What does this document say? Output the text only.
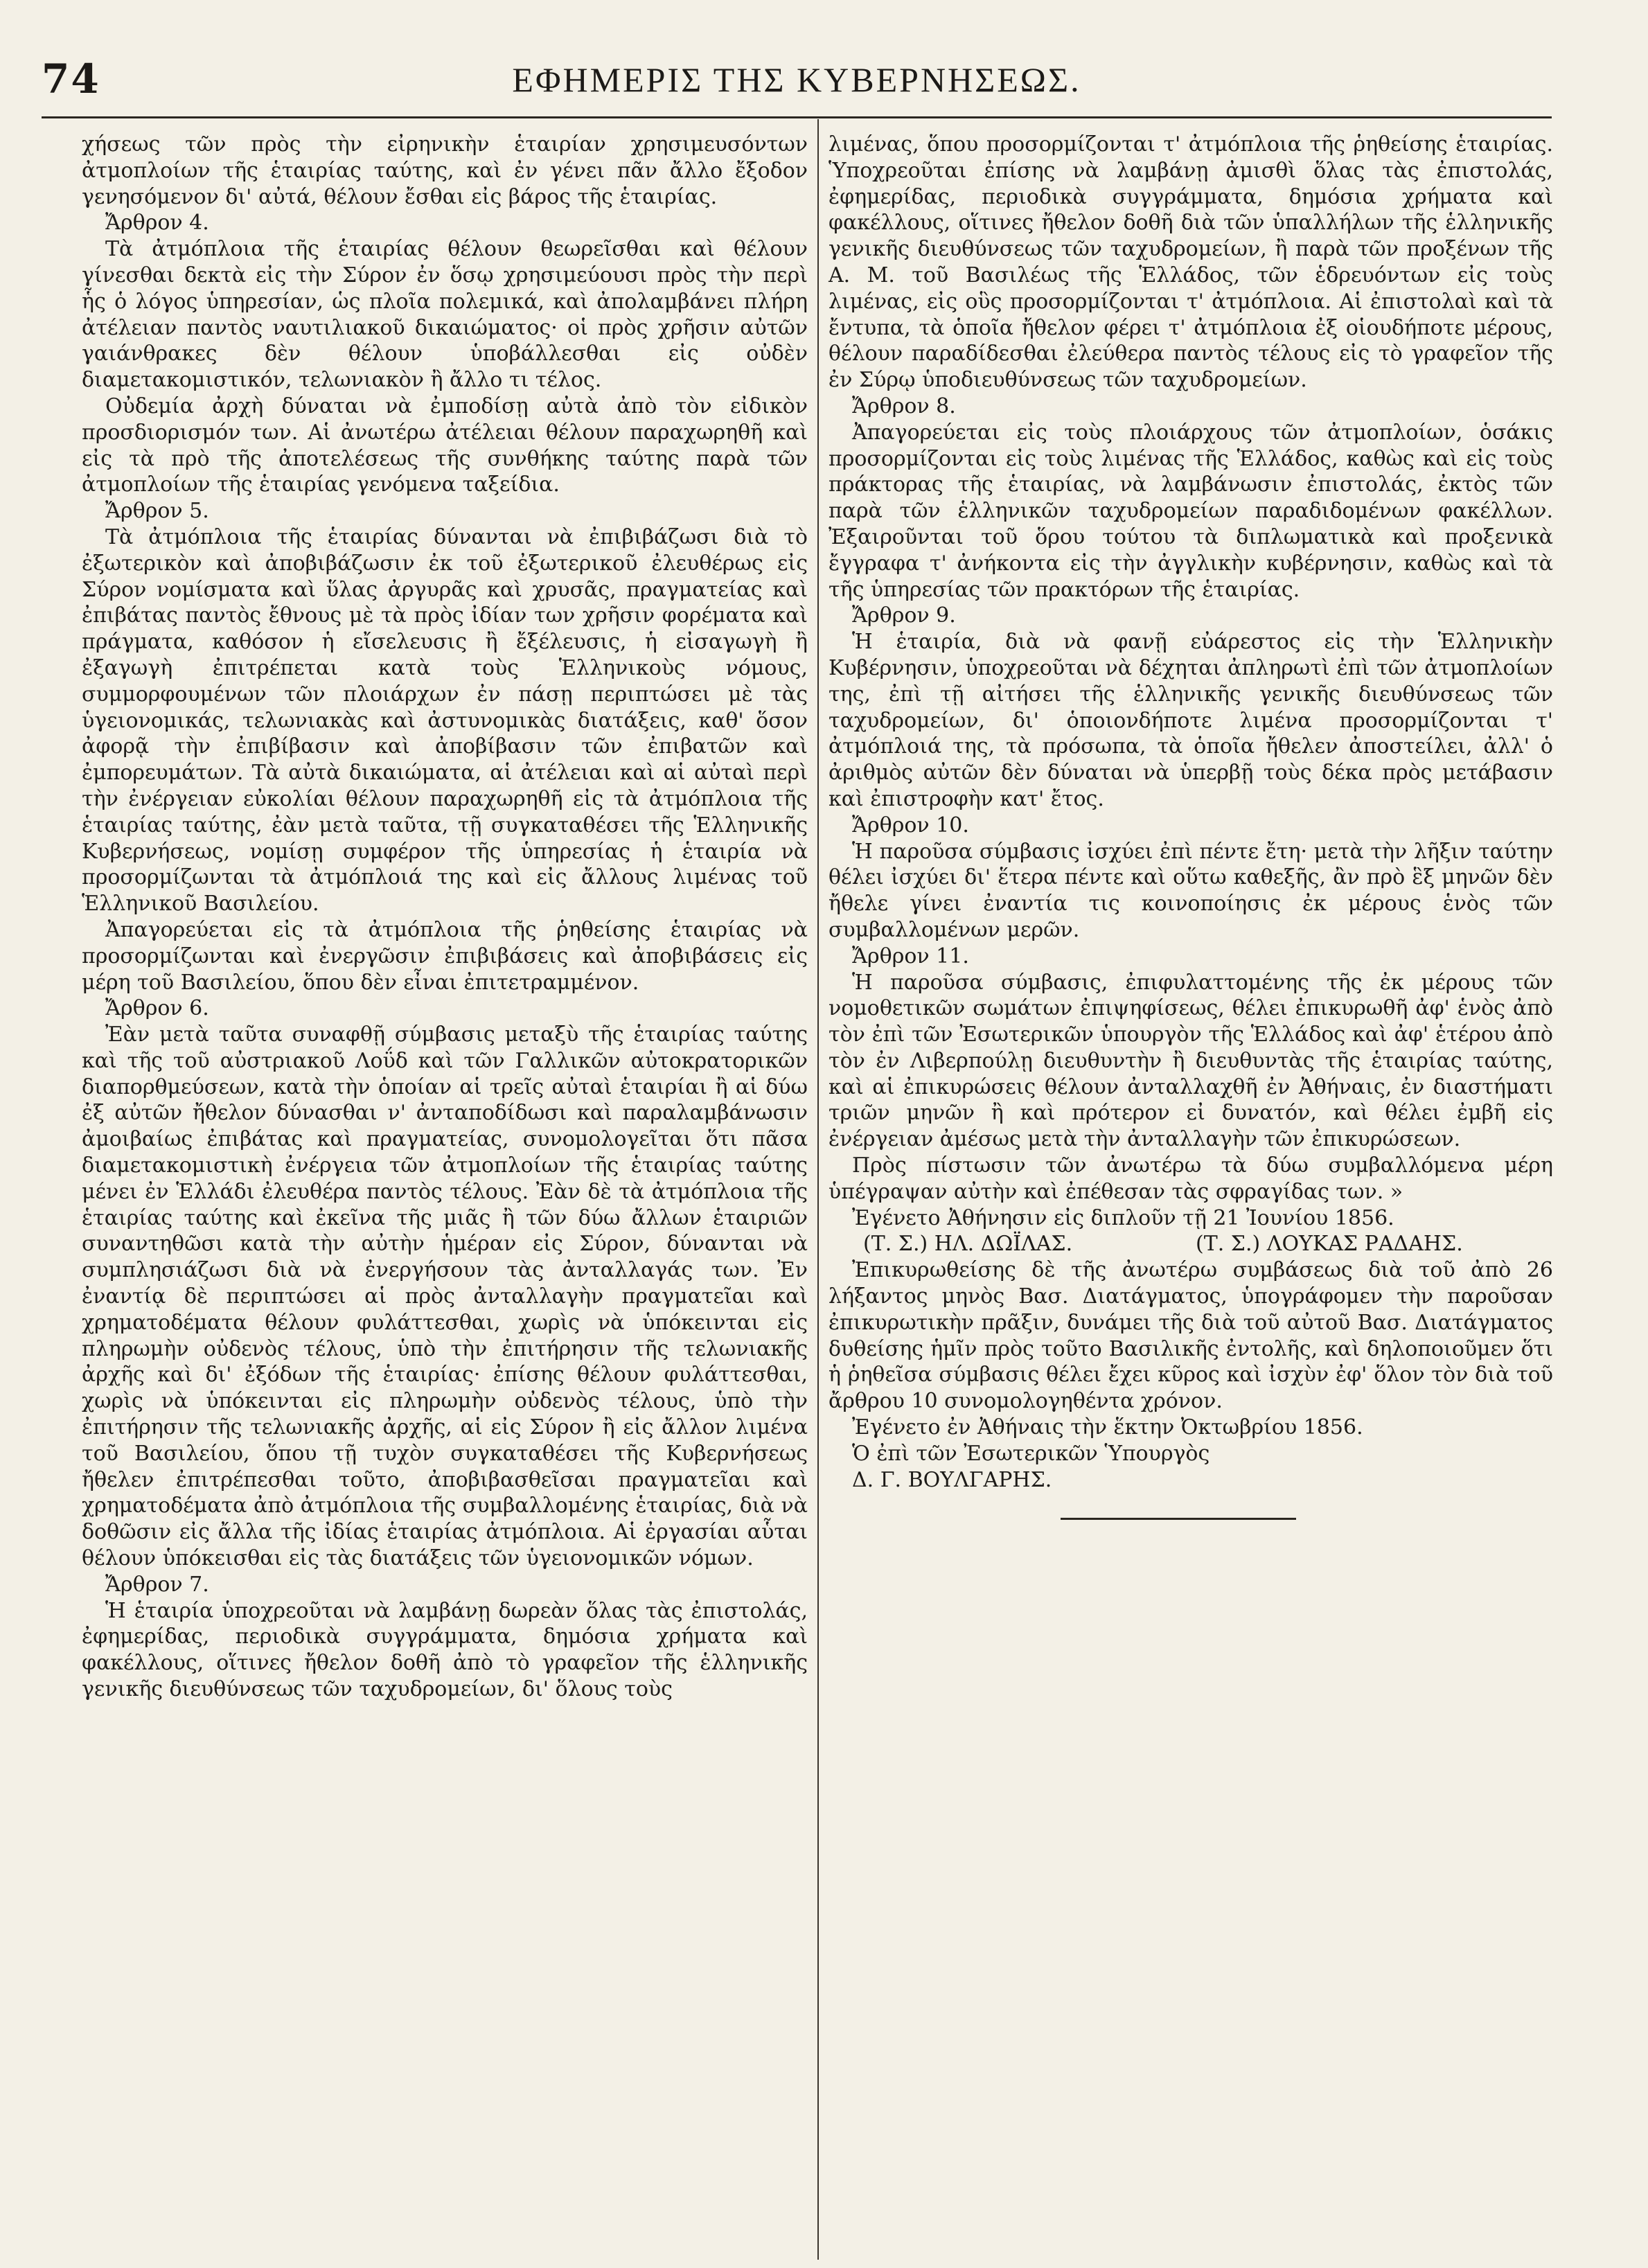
74	ΕΦΗΜΕΡΙΣ ΤΗΣ ΚΥΒΕΡΝΗΣΕΩΣ.

χήσεως τῶν πρὸς τὴν εἰρηνικὴν ἑταιρίαν χρησιμευσόντων ἀτμοπλοίων τῆς ἑταιρίας ταύτης, καὶ ἐν γένει πᾶν ἄλλο ἔξοδον γενησόμενον δι' αὐτά, θέλουν ἔσθαι εἰς βάρος τῆς ἑταιρίας.

Ἄρθρον 4.

Τὰ ἀτμόπλοια τῆς ἑταιρίας θέλουν θεωρεῖσθαι καὶ θέλουν γίνεσθαι δεκτὰ εἰς τὴν Σύρον ἐν ὅσῳ χρησιμεύουσι πρὸς τὴν περὶ ἧς ὁ λόγος ὑπηρεσίαν, ὡς πλοῖα πολεμικά, καὶ ἀπολαμβάνει πλήρη ἀτέλειαν παντὸς ναυτιλιακοῦ δικαιώματος· οἱ πρὸς χρῆσιν αὐτῶν γαιάνθρακες δὲν θέλουν ὑποβάλλεσθαι εἰς οὐδὲν διαμετακομιστικόν, τελωνιακὸν ἢ ἄλλο τι τέλος.

Οὐδεμία ἀρχὴ δύναται νὰ ἐμποδίσῃ αὐτὰ ἀπὸ τὸν εἰδικὸν προσδιορισμόν των. Αἱ ἀνωτέρω ἀτέλειαι θέλουν παραχωρηθῆ καὶ εἰς τὰ πρὸ τῆς ἀποτελέσεως τῆς συνθήκης ταύτης παρὰ τῶν ἀτμοπλοίων τῆς ἑταιρίας γενόμενα ταξείδια.

Ἄρθρον 5.

Τὰ ἀτμόπλοια τῆς ἑταιρίας δύνανται νὰ ἐπιβιβάζωσι διὰ τὸ ἐξωτερικὸν καὶ ἀποβιβάζωσιν ἐκ τοῦ ἐξωτερικοῦ ἐλευθέρως εἰς Σύρον νομίσματα καὶ ὕλας ἀργυρᾶς καὶ χρυσᾶς, πραγματείας καὶ ἐπιβάτας παντὸς ἔθνους μὲ τὰ πρὸς ἰδίαν των χρῆσιν φορέματα καὶ πράγματα, καθόσον ἡ εἴσελευσις ἢ ἔξέλευσις, ἡ εἰσαγωγὴ ἢ ἐξαγωγὴ ἐπιτρέπεται κατὰ τοὺς Ἑλληνικοὺς νόμους, συμμορφουμένων τῶν πλοιάρχων ἐν πάσῃ περιπτώσει μὲ τὰς ὑγειονομικάς, τελωνιακὰς καὶ ἀστυνομικὰς διατάξεις, καθ' ὅσον ἀφορᾷ τὴν ἐπιβίβασιν καὶ ἀποβίβασιν τῶν ἐπιβατῶν καὶ ἐμπορευμάτων. Τὰ αὐτὰ δικαιώματα, αἱ ἀτέλειαι καὶ αἱ αὐταὶ περὶ τὴν ἐνέργειαν εὐκολίαι θέλουν παραχωρηθῆ εἰς τὰ ἀτμόπλοια τῆς ἑταιρίας ταύτης, ἐὰν μετὰ ταῦτα, τῇ συγκαταθέσει τῆς Ἑλληνικῆς Κυβερνήσεως, νομίσῃ συμφέρον τῆς ὑπηρεσίας ἡ ἑταιρία νὰ προσορμίζωνται τὰ ἀτμόπλοιά της καὶ εἰς ἄλλους λιμένας τοῦ Ἑλληνικοῦ Βασιλείου.

Ἀπαγορεύεται εἰς τὰ ἀτμόπλοια τῆς ῥηθείσης ἑταιρίας νὰ προσορμίζωνται καὶ ἐνεργῶσιν ἐπιβιβάσεις καὶ ἀποβιβάσεις εἰς μέρη τοῦ Βασιλείου, ὅπου δὲν εἶναι ἐπιτετραμμένον.

Ἄρθρον 6.

Ἐὰν μετὰ ταῦτα συναφθῇ σύμβασις μεταξὺ τῆς ἑταιρίας ταύτης καὶ τῆς τοῦ αὐστριακοῦ Λοΰδ καὶ τῶν Γαλλικῶν αὐτοκρατορικῶν διαπορθμεύσεων, κατὰ τὴν ὁποίαν αἱ τρεῖς αὐταὶ ἑταιρίαι ἢ αἱ δύω ἐξ αὐτῶν ἤθελον δύνασθαι ν' ἀνταποδίδωσι καὶ παραλαμβάνωσιν ἀμοιβαίως ἐπιβάτας καὶ πραγματείας, συνομολογεῖται ὅτι πᾶσα διαμετακομιστικὴ ἐνέργεια τῶν ἀτμοπλοίων τῆς ἑταιρίας ταύτης μένει ἐν Ἑλλάδι ἐλευθέρα παντὸς τέλους. Ἐὰν δὲ τὰ ἀτμόπλοια τῆς ἑταιρίας ταύτης καὶ ἐκεῖνα τῆς μιᾶς ἢ τῶν δύω ἄλλων ἑταιριῶν συναντηθῶσι κατὰ τὴν αὐτὴν ἡμέραν εἰς Σύρον, δύνανται νὰ συμπλησιάζωσι διὰ νὰ ἐνεργήσουν τὰς ἀνταλλαγάς των. Ἐν ἐναντίᾳ δὲ περιπτώσει αἱ πρὸς ἀνταλλαγὴν πραγματεῖαι καὶ χρηματοδέματα θέλουν φυλάττεσθαι, χωρὶς νὰ ὑπόκεινται εἰς πληρωμὴν οὐδενὸς τέλους, ὑπὸ τὴν ἐπιτήρησιν τῆς τελωνιακῆς ἀρχῆς καὶ δι' ἐξόδων τῆς ἑταιρίας· ἐπίσης θέλουν φυλάττεσθαι, χωρὶς νὰ ὑπόκεινται εἰς πληρωμὴν οὐδενὸς τέλους, ὑπὸ τὴν ἐπιτήρησιν τῆς τελωνιακῆς ἀρχῆς, αἱ εἰς Σύρον ἢ εἰς ἄλλον λιμένα τοῦ Βασιλείου, ὅπου τῇ τυχὸν συγκαταθέσει τῆς Κυβερνήσεως ἤθελεν ἐπιτρέπεσθαι τοῦτο, ἀποβιβασθεῖσαι πραγματεῖαι καὶ χρηματοδέματα ἀπὸ ἀτμόπλοια τῆς συμβαλλομένης ἑταιρίας, διὰ νὰ δοθῶσιν εἰς ἄλλα τῆς ἰδίας ἑταιρίας ἀτμόπλοια. Αἱ ἐργασίαι αὗται θέλουν ὑπόκεισθαι εἰς τὰς διατάξεις τῶν ὑγειονομικῶν νόμων.

Ἄρθρον 7.

Ἡ ἑταιρία ὑποχρεοῦται νὰ λαμβάνῃ δωρεὰν ὅλας τὰς ἐπιστολάς, ἐφημερίδας, περιοδικὰ συγγράμματα, δημόσια χρήματα καὶ φακέλλους, οἵτινες ἤθελον δοθῆ ἀπὸ τὸ γραφεῖον τῆς ἑλληνικῆς γενικῆς διευθύνσεως τῶν ταχυδρομείων, δι' ὅλους τοὺς

λιμένας, ὅπου προσορμίζονται τ' ἀτμόπλοια τῆς ῥηθείσης ἑταιρίας. Ὑποχρεοῦται ἐπίσης νὰ λαμβάνῃ ἀμισθὶ ὅλας τὰς ἐπιστολάς, ἐφημερίδας, περιοδικὰ συγγράμματα, δημόσια χρήματα καὶ φακέλλους, οἵτινες ἤθελον δοθῆ διὰ τῶν ὑπαλλήλων τῆς ἑλληνικῆς γενικῆς διευθύνσεως τῶν ταχυδρομείων, ἢ παρὰ τῶν προξένων τῆς Α. Μ. τοῦ Βασιλέως τῆς Ἑλλάδος, τῶν ἑδρευόντων εἰς τοὺς λιμένας, εἰς οὓς προσορμίζονται τ' ἀτμόπλοια. Αἱ ἐπιστολαὶ καὶ τὰ ἔντυπα, τὰ ὁποῖα ἤθελον φέρει τ' ἀτμόπλοια ἐξ οἱουδήποτε μέρους, θέλουν παραδίδεσθαι ἐλεύθερα παντὸς τέλους εἰς τὸ γραφεῖον τῆς ἐν Σύρῳ ὑποδιευθύνσεως τῶν ταχυδρομείων.

Ἄρθρον 8.

Ἀπαγορεύεται εἰς τοὺς πλοιάρχους τῶν ἀτμοπλοίων, ὁσάκις προσορμίζονται εἰς τοὺς λιμένας τῆς Ἑλλάδος, καθὼς καὶ εἰς τοὺς πράκτορας τῆς ἑταιρίας, νὰ λαμβάνωσιν ἐπιστολάς, ἐκτὸς τῶν παρὰ τῶν ἑλληνικῶν ταχυδρομείων παραδιδομένων φακέλλων. Ἐξαιροῦνται τοῦ ὅρου τούτου τὰ διπλωματικὰ καὶ προξενικὰ ἔγγραφα τ' ἀνήκοντα εἰς τὴν ἀγγλικὴν κυβέρνησιν, καθὼς καὶ τὰ τῆς ὑπηρεσίας τῶν πρακτόρων τῆς ἑταιρίας.

Ἄρθρον 9.

Ἡ ἑταιρία, διὰ νὰ φανῇ εὐάρεστος εἰς τὴν Ἑλληνικὴν Κυβέρνησιν, ὑποχρεοῦται νὰ δέχηται ἀπληρωτὶ ἐπὶ τῶν ἀτμοπλοίων της, ἐπὶ τῇ αἰτήσει τῆς ἑλληνικῆς γενικῆς διευθύνσεως τῶν ταχυδρομείων, δι' ὁποιονδήποτε λιμένα προσορμίζονται τ' ἀτμόπλοιά της, τὰ πρόσωπα, τὰ ὁποῖα ἤθελεν ἀποστείλει, ἀλλ' ὁ ἀριθμὸς αὐτῶν δὲν δύναται νὰ ὑπερβῇ τοὺς δέκα πρὸς μετάβασιν καὶ ἐπιστροφὴν κατ' ἔτος.

Ἄρθρον 10.

Ἡ παροῦσα σύμβασις ἰσχύει ἐπὶ πέντε ἔτη· μετὰ τὴν λῆξιν ταύτην θέλει ἰσχύει δι' ἕτερα πέντε καὶ οὕτω καθεξῆς, ἂν πρὸ ἓξ μηνῶν δὲν ἤθελε γίνει ἐναντία τις κοινοποίησις ἐκ μέρους ἑνὸς τῶν συμβαλλομένων μερῶν.

Ἄρθρον 11.

Ἡ παροῦσα σύμβασις, ἐπιφυλαττομένης τῆς ἐκ μέρους τῶν νομοθετικῶν σωμάτων ἐπιψηφίσεως, θέλει ἐπικυρωθῆ ἀφ' ἑνὸς ἀπὸ τὸν ἐπὶ τῶν Ἐσωτερικῶν ὑπουργὸν τῆς Ἑλλάδος καὶ ἀφ' ἑτέρου ἀπὸ τὸν ἐν Λιβερπούλῃ διευθυντὴν ἢ διευθυντὰς τῆς ἑταιρίας ταύτης, καὶ αἱ ἐπικυρώσεις θέλουν ἀνταλλαχθῆ ἐν Ἀθήναις, ἐν διαστήματι τριῶν μηνῶν ἢ καὶ πρότερον εἰ δυνατόν, καὶ θέλει ἐμβῆ εἰς ἐνέργειαν ἀμέσως μετὰ τὴν ἀνταλλαγὴν τῶν ἐπικυρώσεων.

Πρὸς πίστωσιν τῶν ἀνωτέρω τὰ δύω συμβαλλόμενα μέρη ὑπέγραψαν αὐτὴν καὶ ἐπέθεσαν τὰς σφραγίδας των. »

Ἐγένετο Ἀθήνησιν εἰς διπλοῦν τῇ 21 Ἰουνίου 1856.

(Τ. Σ.) ΗΛ. ΔΩΪΛΑΣ.	(Τ. Σ.) ΛΟΥΚΑΣ ΡΑΔΑΗΣ.

Ἐπικυρωθείσης δὲ τῆς ἀνωτέρω συμβάσεως διὰ τοῦ ἀπὸ 26 λήξαντος μηνὸς Βασ. Διατάγματος, ὑπογράφομεν τὴν παροῦσαν ἐπικυρωτικὴν πρᾶξιν, δυνάμει τῆς διὰ τοῦ αὐτοῦ Βασ. Διατάγματος δυθείσης ἡμῖν πρὸς τοῦτο Βασιλικῆς ἐντολῆς, καὶ δηλοποιοῦμεν ὅτι ἡ ῥηθεῖσα σύμβασις θέλει ἔχει κῦρος καὶ ἰσχὺν ἐφ' ὅλον τὸν διὰ τοῦ ἄρθρου 10 συνομολογηθέντα χρόνον.

Ἐγένετο ἐν Ἀθήναις τὴν ἕκτην Ὀκτωβρίου 1856.

Ὁ ἐπὶ τῶν Ἐσωτερικῶν Ὑπουργὸς

Δ. Γ. ΒΟΥΛΓΑΡΗΣ.
